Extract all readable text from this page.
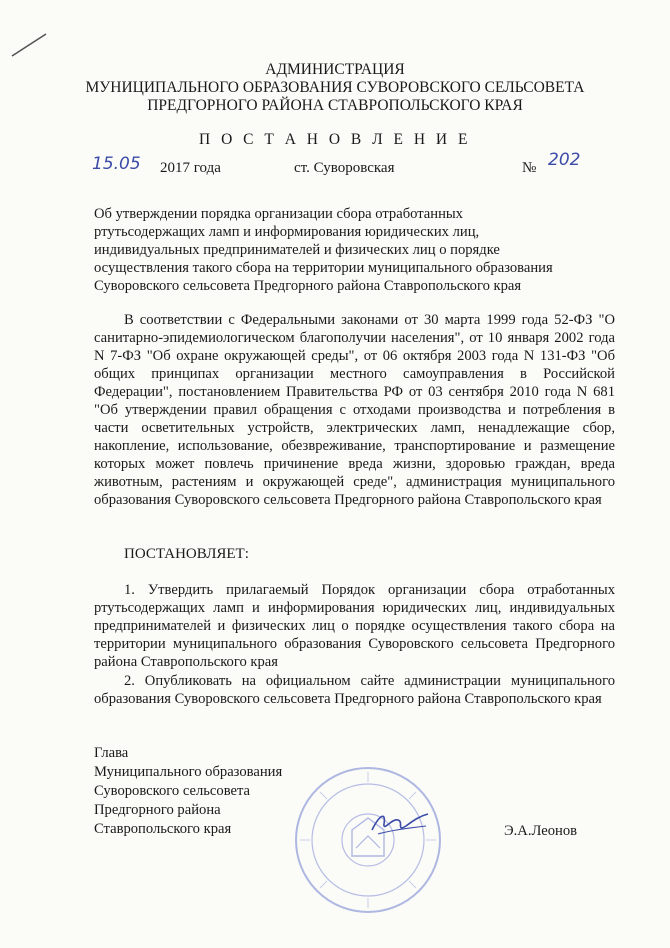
АДМИНИСТРАЦИЯ
МУНИЦИПАЛЬНОГО ОБРАЗОВАНИЯ СУВОРОВСКОГО СЕЛЬСОВЕТА
ПРЕДГОРНОГО РАЙОНА СТАВРОПОЛЬСКОГО КРАЯ
П О С Т А Н О В Л Е Н И Е
15.05 2017 года	ст. Суворовская	№ 202
Об утверждении порядка организации сбора отработанных
ртутьсодержащих ламп и информирования юридических лиц,
индивидуальных предпринимателей и физических лиц о порядке
осуществления такого сбора на территории муниципального образования
Суворовского сельсовета Предгорного района Ставропольского края
В соответствии с Федеральными законами от 30 марта 1999 года 52-ФЗ "О санитарно-эпидемиологическом благополучии населения", от 10 января 2002 года N 7-ФЗ "Об охране окружающей среды", от 06 октября 2003 года N 131-ФЗ "Об общих принципах организации местного самоуправления в Российской Федерации", постановлением Правительства РФ от 03 сентября 2010 года N 681 "Об утверждении правил обращения с отходами производства и потребления в части осветительных устройств, электрических ламп, ненадлежащие сбор, накопление, использование, обезвреживание, транспортирование и размещение которых может повлечь причинение вреда жизни, здоровью граждан, вреда животным, растениям и окружающей среде", администрация муниципального образования Суворовского сельсовета Предгорного района Ставропольского края
ПОСТАНОВЛЯЕТ:
1. Утвердить прилагаемый Порядок организации сбора отработанных ртутьсодержащих ламп и информирования юридических лиц, индивидуальных предпринимателей и физических лиц о порядке осуществления такого сбора на территории муниципального образования Суворовского сельсовета Предгорного района Ставропольского края
2. Опубликовать на официальном сайте администрации муниципального образования Суворовского сельсовета Предгорного района Ставропольского края
Глава
Муниципального образования
Суворовского сельсовета
Предгорного района
Ставропольского края	Э.А.Леонов
